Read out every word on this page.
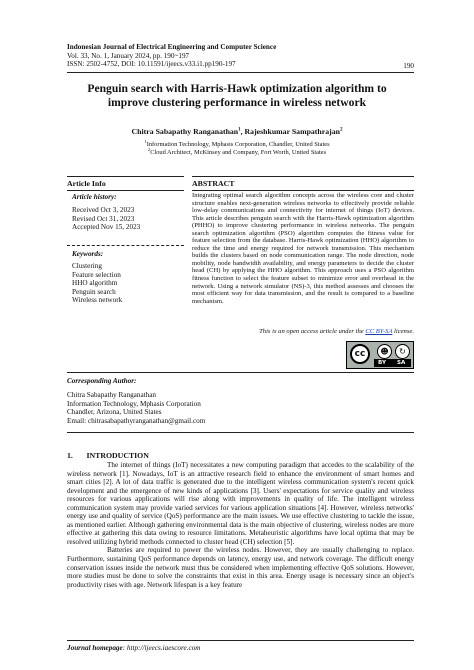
Indonesian Journal of Electrical Engineering and Computer Science
Vol. 33, No. 1, January 2024, pp. 190~197
ISSN: 2502-4752, DOI: 10.11591/ijeecs.v33.i1.pp190-197	190
Penguin search with Harris-Hawk optimization algorithm to
improve clustering performance in wireless network
Chitra Sabapathy Ranganathan$^1$, Rajeshkumar Sampathrajan$^2$
$^1$Information Technology, Mphasis Corporation, Chandler, United States
$^2$Cloud Architect, McKinsey and Company, Fort Worth, United States
Article Info	ABSTRACT
Article history:
Received Oct 3, 2023
Revised Oct 31, 2023
Accepted Nov 15, 2023
Keywords:
Clustering
Feature selection
HHO algorithm
Penguin search
Wireless network
Integrating optimal search algorithm concepts across the wireless core and cluster structure enables next-generation wireless networks to effectively provide reliable low-delay communications and connectivity for internet of things (IoT) devices. This article describes penguin search with the Harris-Hawk optimization algorithm (PHHO) to improve clustering performance in wireless networks. The penguin search optimization algorithm (PSO) algorithm computes the fitness value for feature selection from the database. Harris-Hawk optimization (HHO) algorithm to reduce the time and energy required for network transmission. This mechanism builds the clusters based on node communication range. The node direction, node mobility, node bandwidth availability, and energy parameters to decide the cluster head (CH) by applying the HHO algorithm. This approach uses a PSO algorithm fitness function to select the feature subset to minimize error and overhead in the network. Using a network simulator (NS)-3, this method assesses and chooses the most efficient way for data transmission, and the result is compared to a baseline mechanism.
This is an open access article under the CC BY-SA license.
cc	☻	↻
BY SA
Corresponding Author:
Chitra Sabapathy Ranganathan
Information Technology, Mphasis Corporation
Chandler, Arizona, United States
Email: chitrasabapathyranganathan@gmail.com
1.       INTRODUCTION

The internet of things (IoT) necessitates a new computing paradigm that accedes to the scalability of the wireless network [1]. Nowadays, IoT is an attractive research field to enhance the environment of smart homes and smart cities [2]. A lot of data traffic is generated due to the intelligent wireless communication system's recent quick development and the emergence of new kinds of applications [3]. Users' expectations for service quality and wireless resources for various applications will rise along with improvements in quality of life. The intelligent wireless communication system may provide varied services for various application situations [4]. However, wireless networks' energy use and quality of service (QoS) performance are the main issues. We use effective clustering to tackle the issue, as mentioned earlier. Although gathering environmental data is the main objective of clustering, wireless nodes are more effective at gathering this data owing to resource limitations. Metaheuristic algorithms have local optima that may be resolved utilizing hybrid methods connected to cluster head (CH) selection [5].

Batteries are required to power the wireless nodes. However, they are usually challenging to replace. Furthermore, sustaining QoS performance depends on latency, energy use, and network coverage. The difficult energy conservation issues inside the network must thus be considered when implementing effective QoS solutions. However, more studies must be done to solve the constraints that exist in this area. Energy usage is necessary since an object's productivity rises with age. Network lifespan is a key feature

Journal homepage: http://ijeecs.iaescore.com
